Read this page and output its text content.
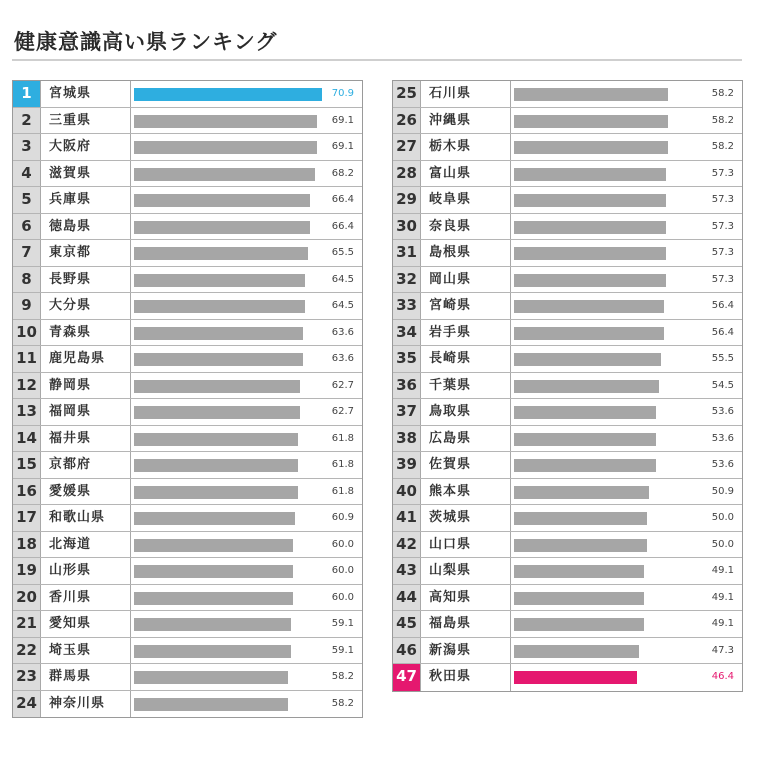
健康意識高い県ランキング
1	宮城県	70.9
2	三重県	69.1
3	大阪府	69.1
4	滋賀県	68.2
5	兵庫県	66.4
6	徳島県	66.4
7	東京都	65.5
8	長野県	64.5
9	大分県	64.5
10 青森県	63.6
11 鹿児島県	63.6
12 静岡県	62.7
13 福岡県	62.7
14 福井県	61.8
15 京都府	61.8
16 愛媛県	61.8
17 和歌山県	60.9
18 北海道	60.0
19 山形県	60.0
20 香川県	60.0
21 愛知県	59.1
22 埼玉県	59.1
23 群馬県	58.2
24 神奈川県	58.2
25 石川県	58.2
26 沖縄県	58.2
27 栃木県	58.2
28 富山県	57.3
29 岐阜県	57.3
30 奈良県	57.3
31 島根県	57.3
32 岡山県	57.3
33 宮崎県	56.4
34 岩手県	56.4
35 長崎県	55.5
36 千葉県	54.5
37 鳥取県	53.6
38 広島県	53.6
39 佐賀県	53.6
40 熊本県	50.9
41 茨城県	50.0
42 山口県	50.0
43 山梨県	49.1
44 高知県	49.1
45 福島県	49.1
46 新潟県	47.3
47 秋田県	46.4
